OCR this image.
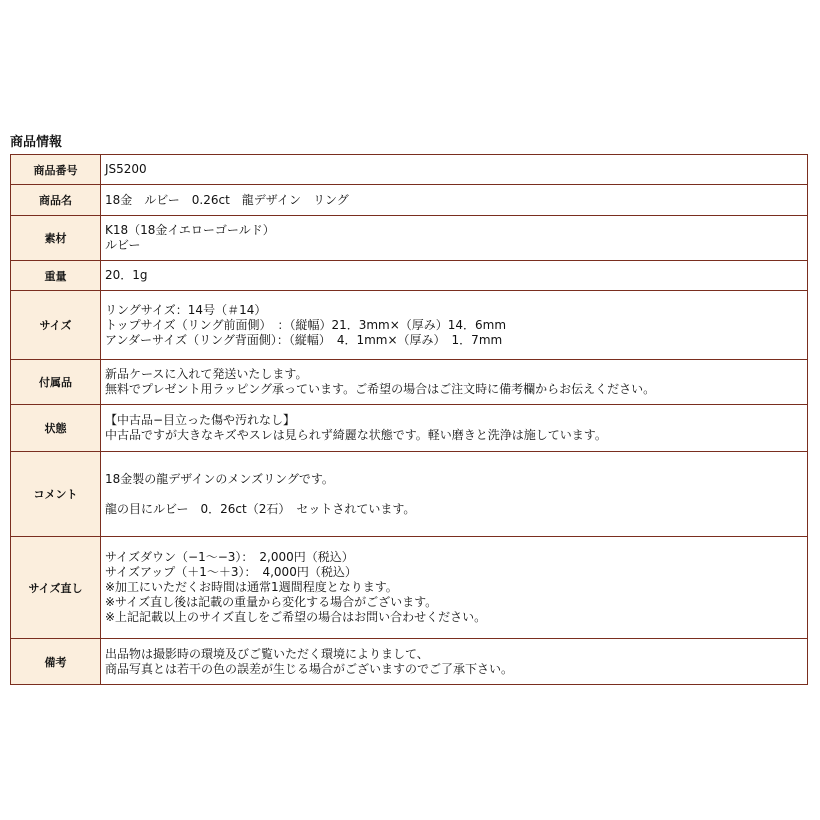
商品情報
商品番号	JS5200

商品名	18金　ルビー　0.26ct　龍デザイン　リング

素材	K18（18金イエローゴールド）
ルビー

重量	20．1g

サイズ	リングサイズ：14号（＃14）
トップサイズ（リング前面側）　：（縦幅）21．3mm×（厚み）14．6mm
アンダーサイズ（リング背面側）：（縦幅）　4．1mm×（厚み）　1．7mm

付属品	新品ケースに入れて発送いたします。
無料でプレゼント用ラッピング承っています。ご希望の場合はご注文時に備考欄からお伝えください。

状態	【中古品−目立った傷や汚れなし】
中古品ですが大きなキズやスレは見られず綺麗な状態です。軽い磨きと洗浄は施しています。

コメント	18金製の龍デザインのメンズリングです。
龍の目にルビー　0．26ct（2石）　セットされています。

サイズ直し	サイズダウン（−1〜−3）：　2,000円（税込）
サイズアップ（＋1〜＋3）：　4,000円（税込）
※加工にいただくお時間は通常1週間程度となります。
※サイズ直し後は記載の重量から変化する場合がございます。
※上記記載以上のサイズ直しをご希望の場合はお問い合わせください。

備考	出品物は撮影時の環境及びご覧いただく環境によりまして、
商品写真とは若干の色の誤差が生じる場合がございますのでご了承下さい。
